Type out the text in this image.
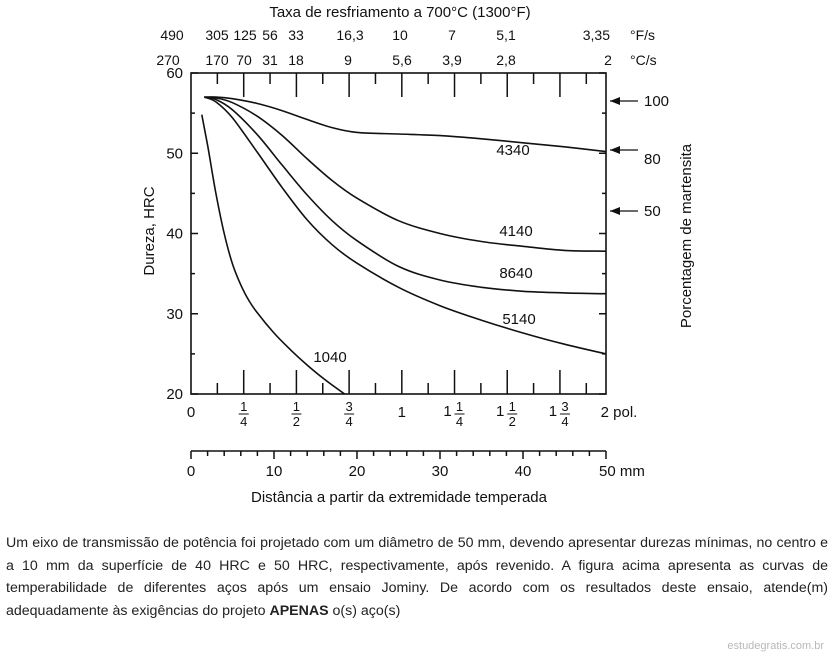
20
30
40
50
60
0	1
4
1
2
3
4
1 1 1
4
1 1
2
1 3
4
2 pol.
0	10	20	30	40	50 mm
490 305 125 56 33 16,3 10	7	5,1	3,35
270 170 70 31 18	9	5,6 3,9 2,8	2
100
80
50
4340
4140
8640
5140
1040
Taxa de resfriamento a 700°C (1300°F)
°F/s
°C/s
Dureza, HRC	Porcentagem de martensita
Distância a partir da extremidade temperada
Um eixo de transmissão de potência foi projetado com um diâmetro de 50 mm, devendo apresentar durezas mínimas, no centro e a 10 mm da superfície de 40 HRC e 50 HRC, respectivamente, após revenido. A figura acima apresenta as curvas de temperabilidade de diferentes aços após um ensaio Jominy. De acordo com os resultados deste ensaio, atende(m) adequadamente às exigências do projeto APENAS o(s) aço(s)
estudegratis.com.br
